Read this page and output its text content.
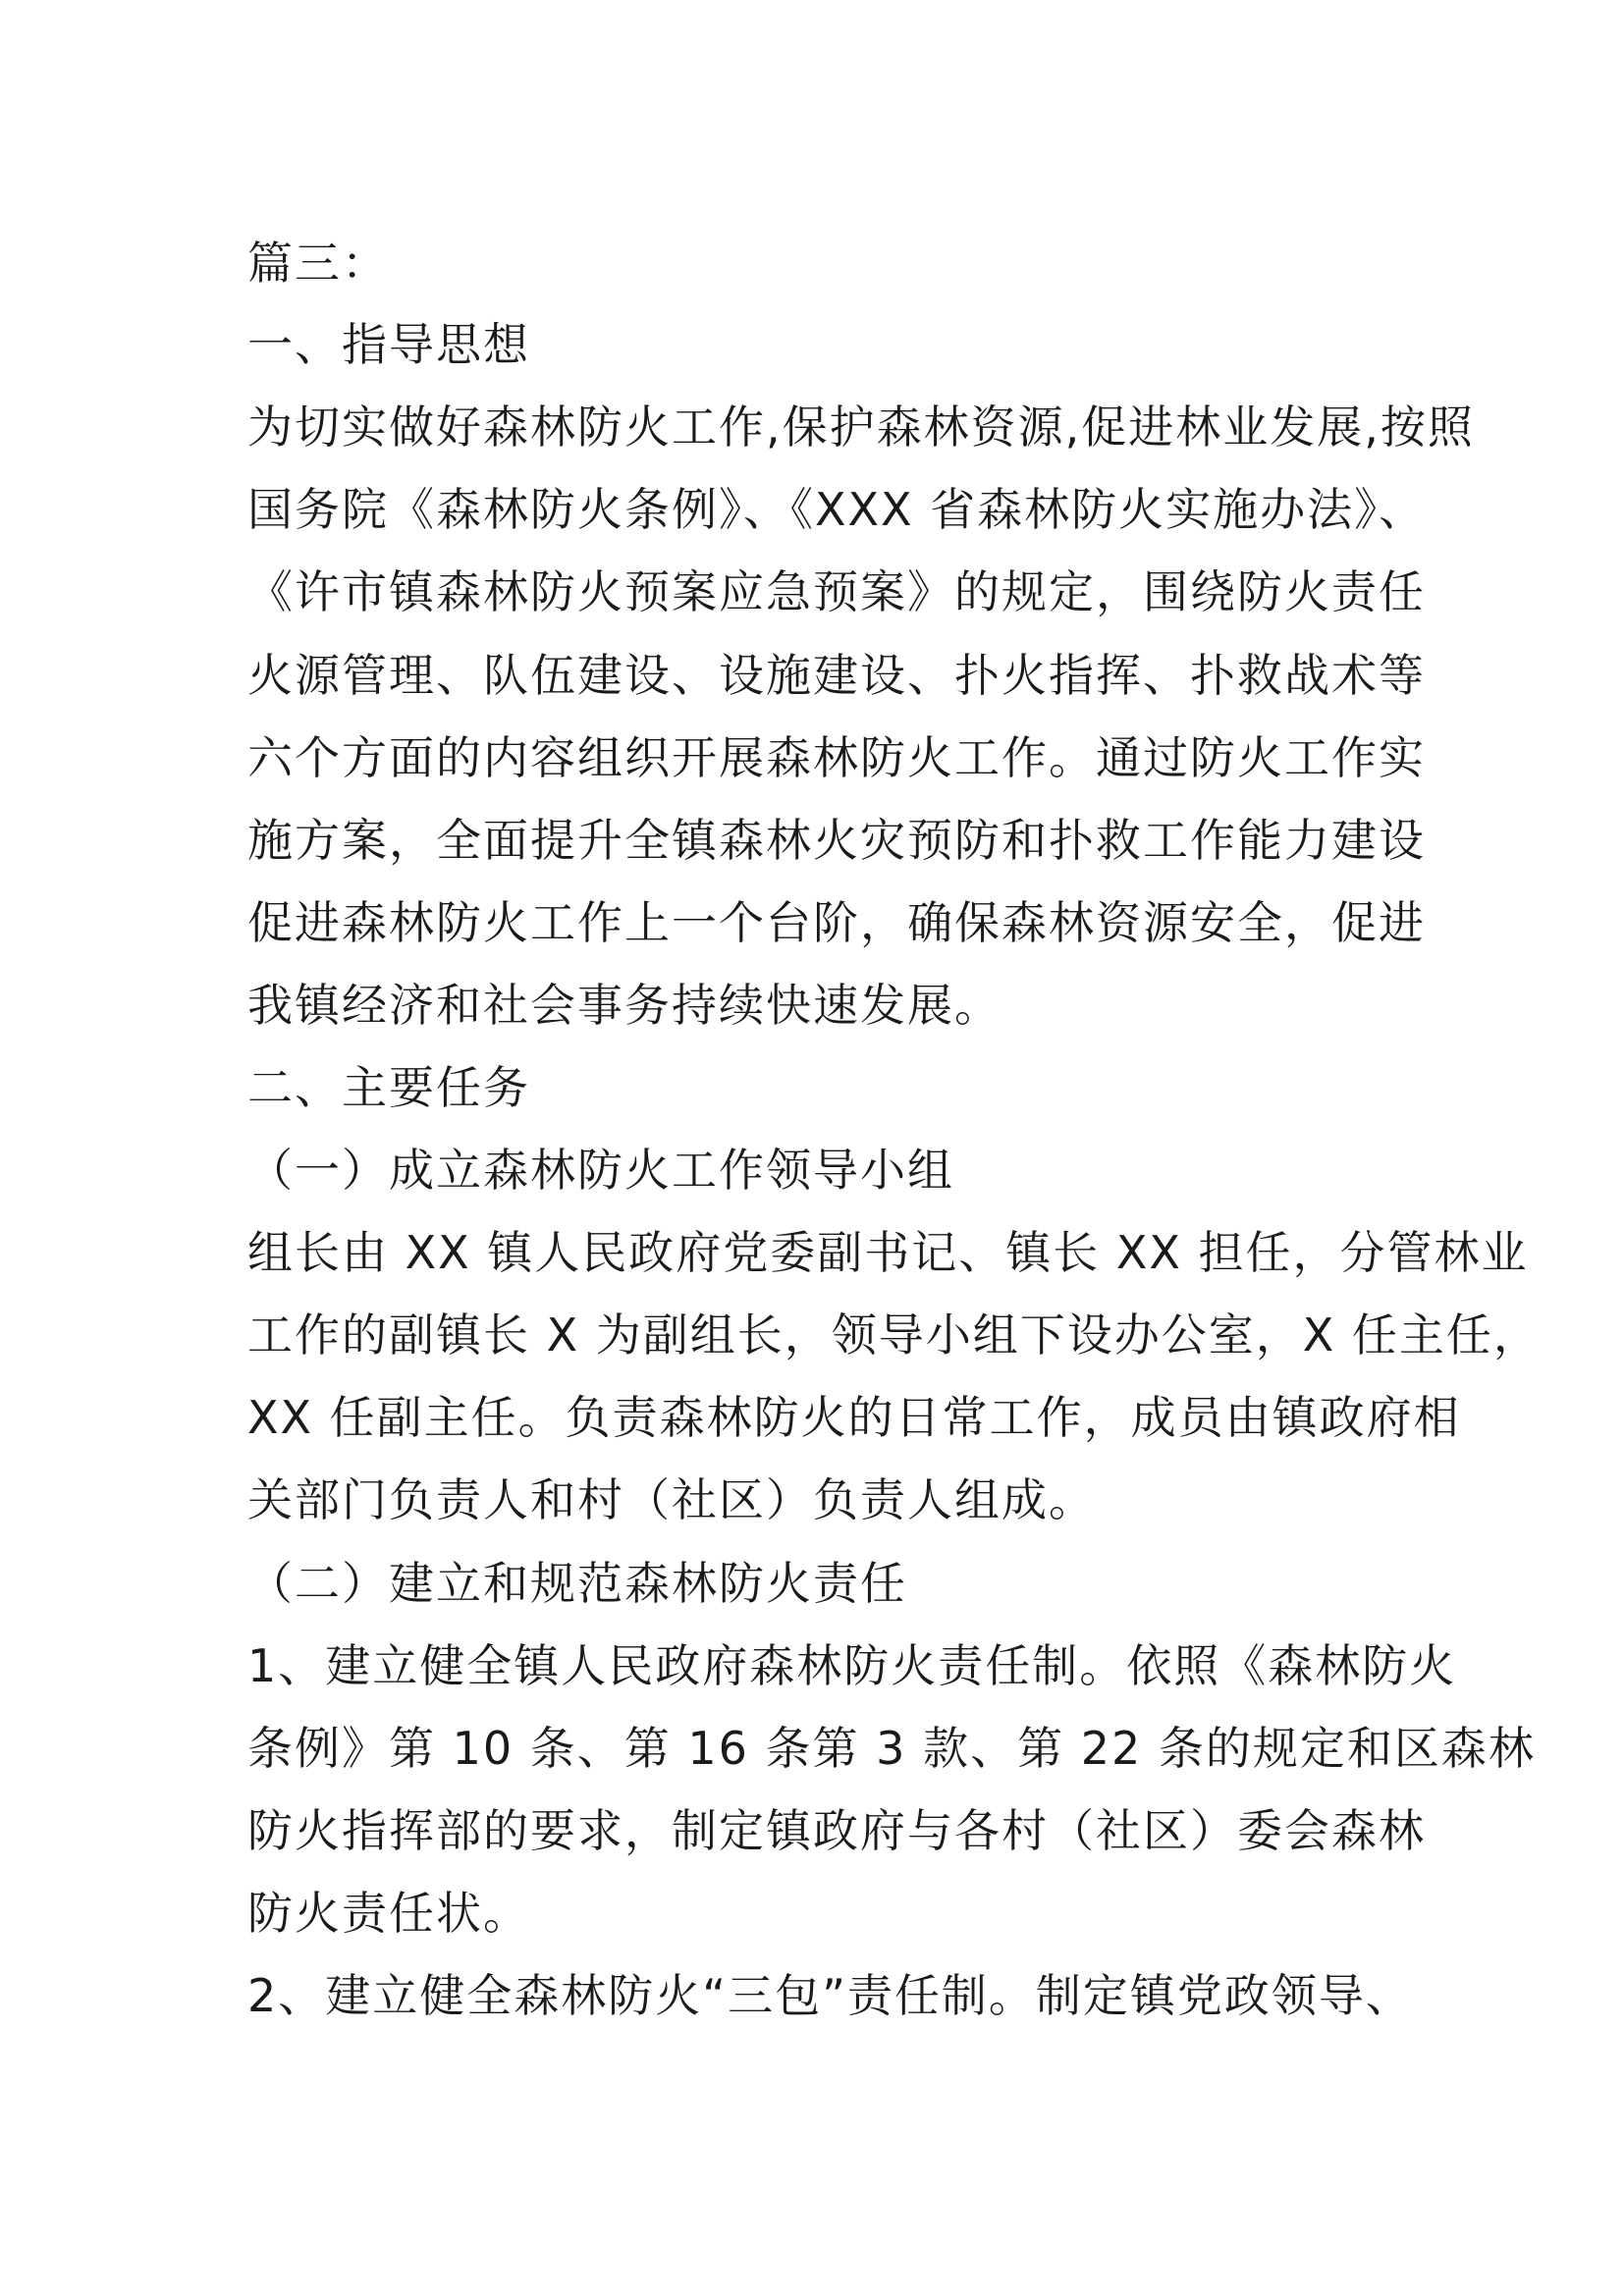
篇三：
一、指导思想
为切实做好森林防火工作,保护森林资源,促进林业发展,按照
国务院《森林防火条例》、《XXX 省森林防火实施办法》、
《许市镇森林防火预案应急预案》的规定，围绕防火责任
火源管理、队伍建设、设施建设、扑火指挥、扑救战术等
六个方面的内容组织开展森林防火工作。通过防火工作实
施方案，全面提升全镇森林火灾预防和扑救工作能力建设
促进森林防火工作上一个台阶，确保森林资源安全，促进
我镇经济和社会事务持续快速发展。
二、主要任务
（一）成立森林防火工作领导小组
组长由 XX 镇人民政府党委副书记、镇长 XX 担任，分管林业
工作的副镇长 X 为副组长，领导小组下设办公室，X 任主任，
XX 任副主任。负责森林防火的日常工作，成员由镇政府相
关部门负责人和村（社区）负责人组成。
（二）建立和规范森林防火责任
1、建立健全镇人民政府森林防火责任制。依照《森林防火
条例》第 10 条、第 16 条第 3 款、第 22 条的规定和区森林
防火指挥部的要求，制定镇政府与各村（社区）委会森林
防火责任状。
2、建立健全森林防火“三包”责任制。制定镇党政领导、
